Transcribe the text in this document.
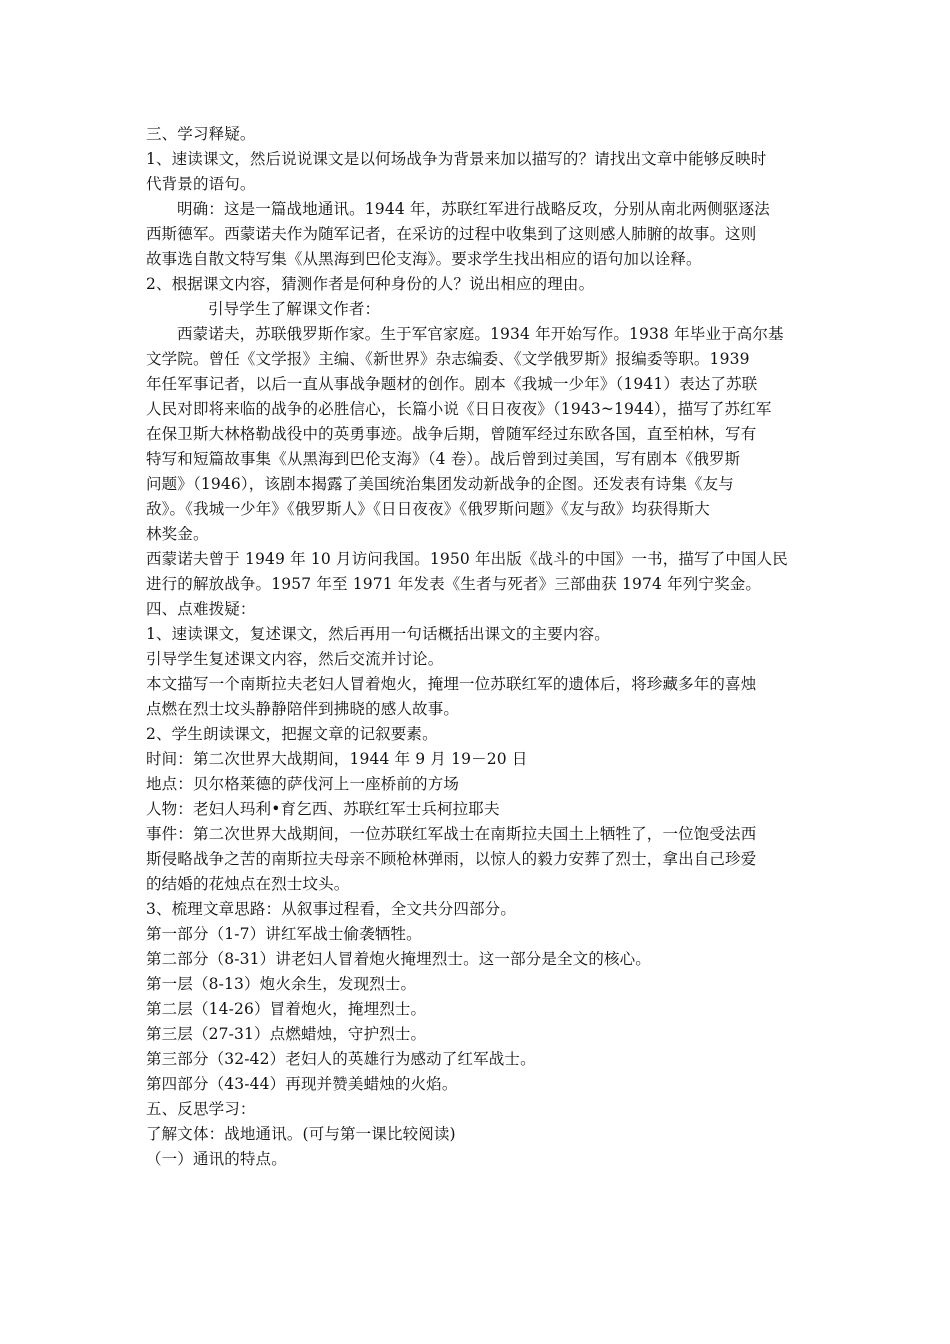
三、学习释疑。
1、速读课文，然后说说课文是以何场战争为背景来加以描写的？请找出文章中能够反映时
代背景的语句。
明确：这是一篇战地通讯。1944 年，苏联红军进行战略反攻，分别从南北两侧驱逐法
西斯德军。西蒙诺夫作为随军记者，在采访的过程中收集到了这则感人肺腑的故事。这则
故事选自散文特写集《从黑海到巴伦支海》。要求学生找出相应的语句加以诠释。
2、根据课文内容，猜测作者是何种身份的人？说出相应的理由。
引导学生了解课文作者：
西蒙诺夫，苏联俄罗斯作家。生于军官家庭。1934 年开始写作。1938 年毕业于高尔基
文学院。曾任《文学报》主编、《新世界》杂志编委、《文学俄罗斯》报编委等职。1939
年任军事记者，以后一直从事战争题材的创作。剧本《我城一少年》（1941）表达了苏联
人民对即将来临的战争的必胜信心，长篇小说《日日夜夜》（1943~1944），描写了苏红军
在保卫斯大林格勒战役中的英勇事迹。战争后期，曾随军经过东欧各国，直至柏林，写有
特写和短篇故事集《从黑海到巴伦支海》（4 卷）。战后曾到过美国，写有剧本《俄罗斯
问题》（1946），该剧本揭露了美国统治集团发动新战争的企图。还发表有诗集《友与
敌》。《我城一少年》《俄罗斯人》《日日夜夜》《俄罗斯问题》《友与敌》均获得斯大
林奖金。
西蒙诺夫曾于 1949 年 10 月访问我国。1950 年出版《战斗的中国》一书，描写了中国人民
进行的解放战争。1957 年至 1971 年发表《生者与死者》三部曲获 1974 年列宁奖金。
四、点难拨疑：
1、速读课文，复述课文，然后再用一句话概括出课文的主要内容。
引导学生复述课文内容，然后交流并讨论。
本文描写一个南斯拉夫老妇人冒着炮火，掩埋一位苏联红军的遗体后，将珍藏多年的喜烛
点燃在烈士坟头静静陪伴到拂晓的感人故事。
2、学生朗读课文，把握文章的记叙要素。
时间：第二次世界大战期间，1944 年 9 月 19－20 日
地点：贝尔格莱德的萨伐河上一座桥前的方场
人物：老妇人玛利•育乞西、苏联红军士兵柯拉耶夫
事件：第二次世界大战期间，一位苏联红军战士在南斯拉夫国土上牺牲了，一位饱受法西
斯侵略战争之苦的南斯拉夫母亲不顾枪林弹雨，以惊人的毅力安葬了烈士，拿出自己珍爱
的结婚的花烛点在烈士坟头。
3、梳理文章思路：从叙事过程看，全文共分四部分。
第一部分（1-7）讲红军战士偷袭牺牲。
第二部分（8-31）讲老妇人冒着炮火掩埋烈士。这一部分是全文的核心。
第一层（8-13）炮火余生，发现烈士。
第二层（14-26）冒着炮火，掩埋烈士。
第三层（27-31）点燃蜡烛，守护烈士。
第三部分（32-42）老妇人的英雄行为感动了红军战士。
第四部分（43-44）再现并赞美蜡烛的火焰。
五、反思学习：
了解文体：战地通讯。(可与第一课比较阅读)
（一）通讯的特点。
